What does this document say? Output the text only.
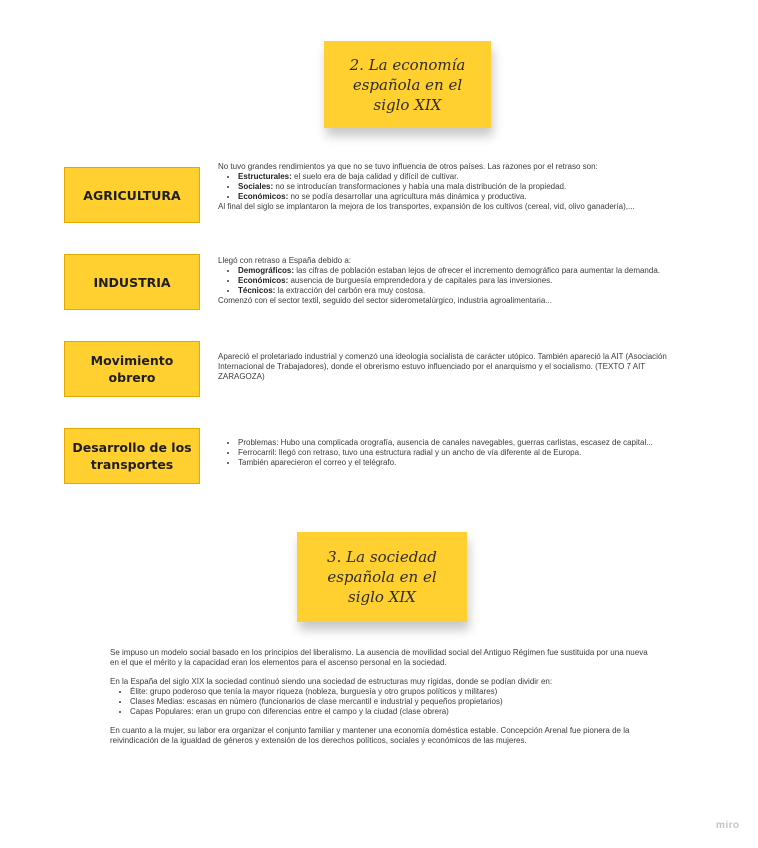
2. La economía
española en el
siglo XIX
AGRICULTURA

No tuvo grandes rendimientos ya que no se tuvo influencia de otros países. Las razones por el retraso son:

• Estructurales: el suelo era de baja calidad y difícil de cultivar.
• Sociales: no se introducían transformaciones y había una mala distribución de la propiedad.
• Económicos: no se podía desarrollar una agricultura más dinámica y productiva.

Al final del siglo se implantaron la mejora de los transportes, expansión de los cultivos (cereal, vid, olivo ganadería),...

INDUSTRIA

Llegó con retraso a España debido a:

• Demográficos: las cifras de población estaban lejos de ofrecer el incremento demográfico para aumentar la demanda.
• Económicos: ausencia de burguesía emprendedora y de capitales para las inversiones.
• Técnicos: la extracción del carbón era muy costosa.

Comenzó con el sector textil, seguido del sector siderometalúrgico, industria agroalimentaria...

Movimiento obrero

Apareció el proletariado industrial y comenzó una ideología socialista de carácter utópico. También apareció la AIT (Asociación Internacional de Trabajadores), donde el obrerismo estuvo influenciado por el anarquismo y el socialismo. (TEXTO 7 AIT ZARAGOZA)

Desarrollo de los
transportes
• Problemas: Hubo una complicada orografía, ausencia de canales navegables, guerras carlistas, escasez de capital...
• Ferrocarril: llegó con retraso, tuvo una estructura radial y un ancho de vía diferente al de Europa.
• También aparecieron el correo y el telégrafo.
3. La sociedad
española en el
siglo XIX

Se impuso un modelo social basado en los principios del liberalismo. La ausencia de movilidad social del Antiguo Régimen fue sustituida por una nueva en el que el mérito y la capacidad eran los elementos para el ascenso personal en la sociedad.

En la España del siglo XIX la sociedad continuó siendo una sociedad de estructuras muy rígidas, donde se podían dividir en:
• Élite: grupo poderoso que tenía la mayor riqueza (nobleza, burguesía y otro grupos políticos y militares)
• Clases Medias: escasas en número (funcionarios de clase mercantil e industrial y pequeños propietarios)
• Capas Populares: eran un grupo con diferencias entre el campo y la ciudad (clase obrera)

En cuanto a la mujer, su labor era organizar el conjunto familiar y mantener una economía doméstica estable. Concepción Arenal fue pionera de la reivindicación de la igualdad de géneros y extensión de los derechos políticos, sociales y económicos de las mujeres.

miro
